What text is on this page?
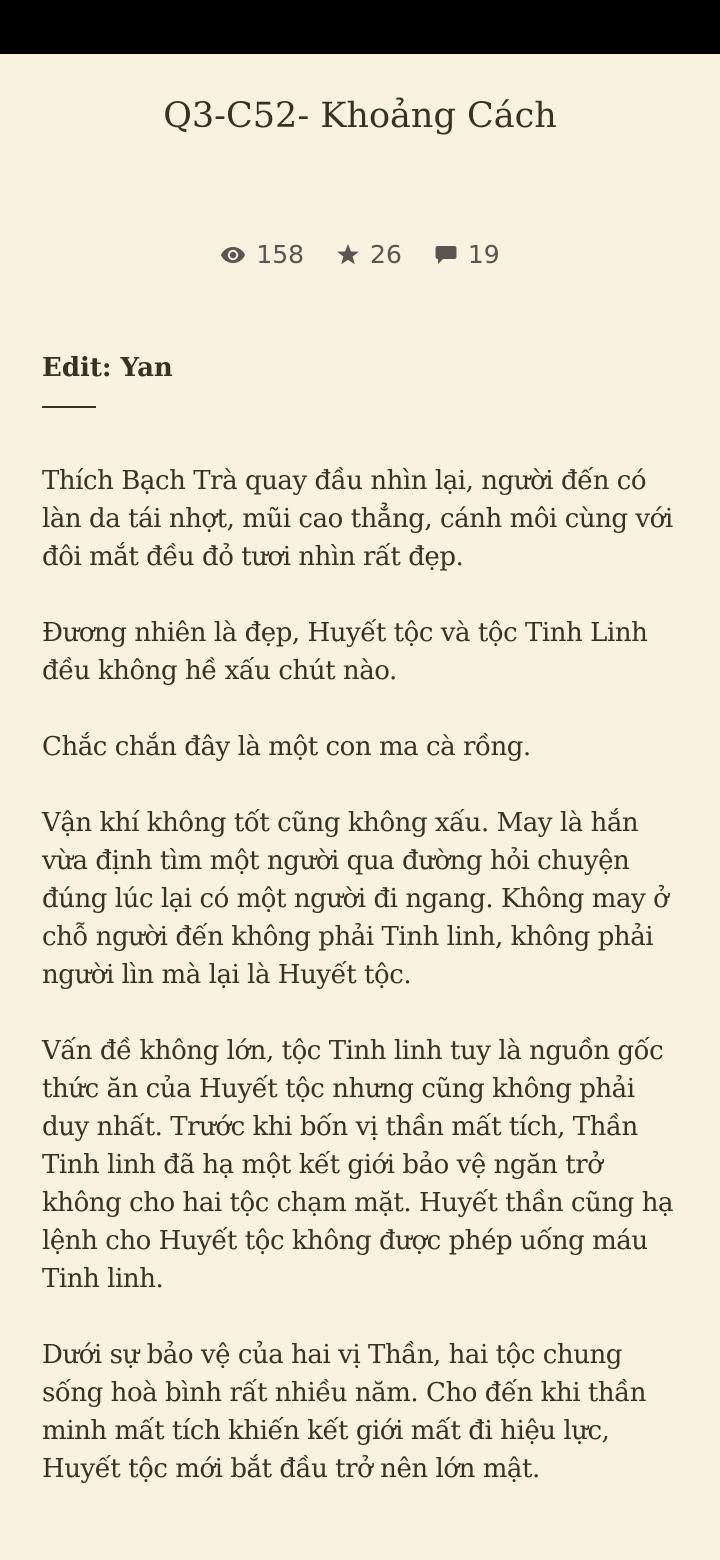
Q3-C52- Khoảng Cách
158	26	19

Edit: Yan

Thích Bạch Trà quay đầu nhìn lại, người đến có làn da tái nhợt, mũi cao thẳng, cánh môi cùng với đôi mắt đều đỏ tươi nhìn rất đẹp.

Đương nhiên là đẹp, Huyết tộc và tộc Tinh Linh đều không hề xấu chút nào.

Chắc chắn đây là một con ma cà rồng.

Vận khí không tốt cũng không xấu. May là hắn vừa định tìm một người qua đường hỏi chuyện đúng lúc lại có một người đi ngang. Không may ở chỗ người đến không phải Tinh linh, không phải người lìn mà lại là Huyết tộc.

Vấn đề không lớn, tộc Tinh linh tuy là nguồn gốc thức ăn của Huyết tộc nhưng cũng không phải duy nhất. Trước khi bốn vị thần mất tích, Thần Tinh linh đã hạ một kết giới bảo vệ ngăn trở không cho hai tộc chạm mặt. Huyết thần cũng hạ lệnh cho Huyết tộc không được phép uống máu Tinh linh.

Dưới sự bảo vệ của hai vị Thần, hai tộc chung sống hoà bình rất nhiều năm. Cho đến khi thần minh mất tích khiến kết giới mất đi hiệu lực, Huyết tộc mới bắt đầu trở nên lớn mật.
